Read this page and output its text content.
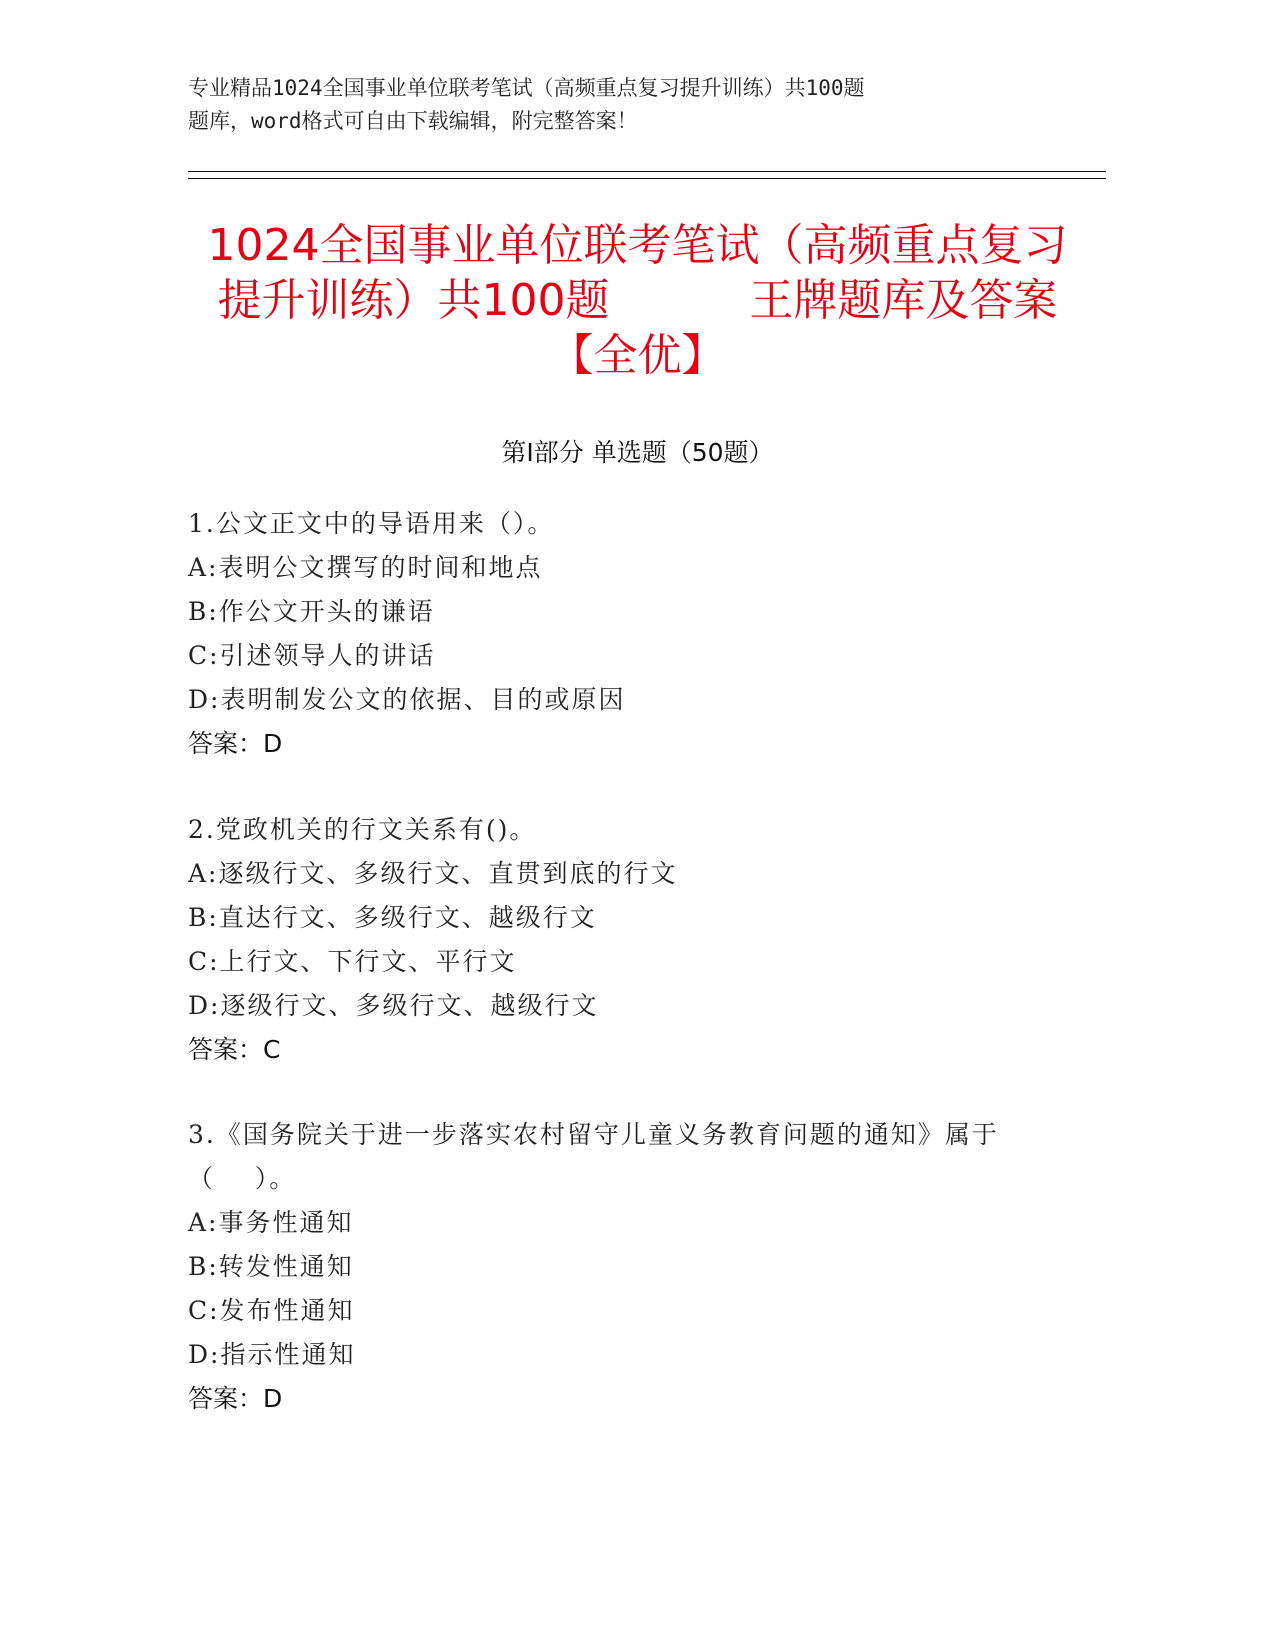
专业精品1024全国事业单位联考笔试（高频重点复习提升训练）共100题
题库，word格式可自由下载编辑，附完整答案！
1024全国事业单位联考笔试（高频重点复习
提升训练）共100题          王牌题库及答案
【全优】
第I部分 单选题（50题）
1.公文正文中的导语用来（）。
A:表明公文撰写的时间和地点
B:作公文开头的谦语
C:引述领导人的讲话
D:表明制发公文的依据、目的或原因
答案：D
2.党政机关的行文关系有()。
A:逐级行文、多级行文、直贯到底的行文
B:直达行文、多级行文、越级行文
C:上行文、下行文、平行文
D:逐级行文、多级行文、越级行文
答案：C
3.《国务院关于进一步落实农村留守儿童义务教育问题的通知》属于
（    ）。
A:事务性通知
B:转发性通知
C:发布性通知
D:指示性通知
答案：D
